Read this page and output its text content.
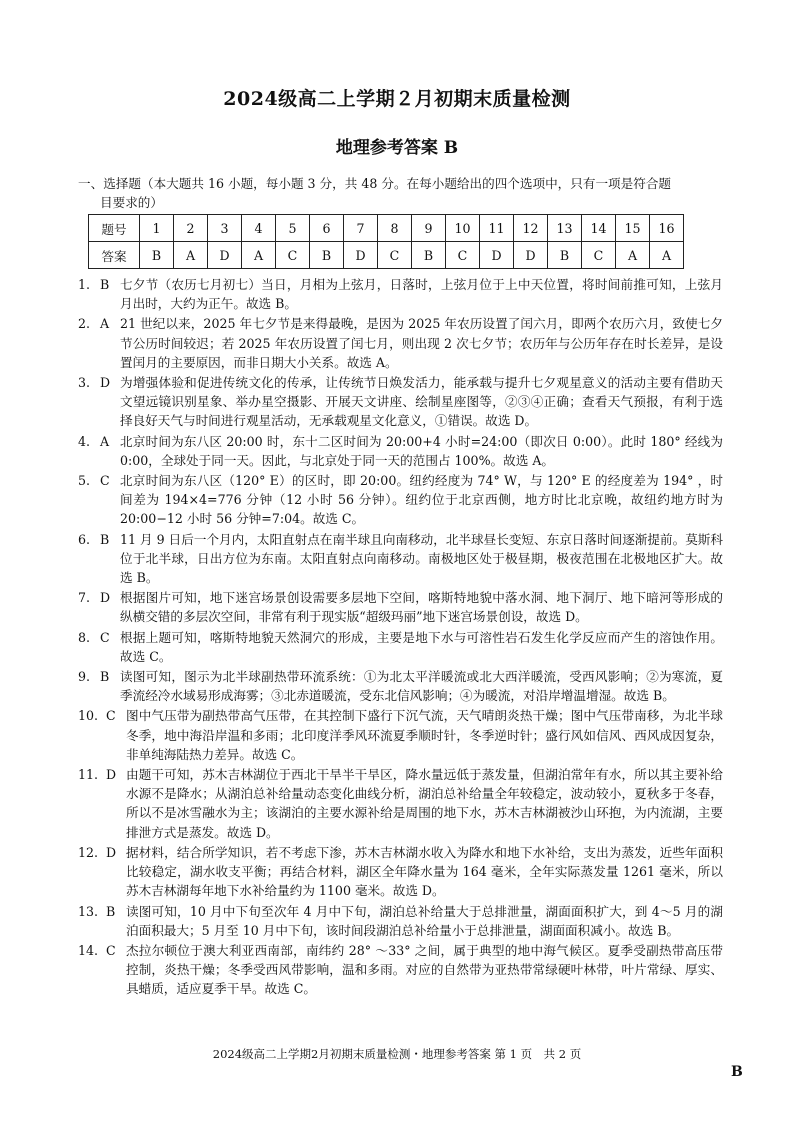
2024级高二上学期２月初期末质量检测
地理参考答案 B
一、选择题（本大题共 16 小题，每小题 3 分，共 48 分。在每小题给出的四个选项中，只有一项是符合题
目要求的）
题号	1	2	3	4	5	6	7	8	9	10	11	12	13	14	15	16
答案	B	A	D	A	C	B	D	C	B	C	D	D	B	C	A	A
1. B 七夕节（农历七月初七）当日，月相为上弦月，日落时，上弦月位于上中天位置，将时间前推可知，上弦月月出时，大约为正午。故选 B。
2. A 21 世纪以来，2025 年七夕节是来得最晚，是因为 2025 年农历设置了闰六月，即两个农历六月，致使七夕节公历时间较迟；若 2025 年农历设置了闰七月，则出现 2 次七夕节；农历年与公历年存在时长差异，是设置闰月的主要原因，而非日期大小关系。故选 A。
3. D 为增强体验和促进传统文化的传承，让传统节日焕发活力，能承载与提升七夕观星意义的活动主要有借助天文望远镜识别星象、举办星空摄影、开展天文讲座、绘制星座图等，②③④正确；查看天气预报，有利于选择良好天气与时间进行观星活动，无承载观星文化意义，①错误。故选 D。
4. A 北京时间为东八区 20:00 时，东十二区时间为 20:00+4 小时=24:00（即次日 0:00）。此时 180° 经线为 0:00，全球处于同一天。因此，与北京处于同一天的范围占 100%。故选 A。
5. C 北京时间为东八区（120° E）的区时，即 20:00。纽约经度为 74° W，与 120° E 的经度差为 194° ，时间差为 194×4=776 分钟（12 小时 56 分钟）。纽约位于北京西侧，地方时比北京晚，故纽约地方时为 20:00−12 小时 56 分钟=7:04。故选 C。
6. B 11 月 9 日后一个月内，太阳直射点在南半球且向南移动，北半球昼长变短、东京日落时间逐渐提前。莫斯科位于北半球，日出方位为东南。太阳直射点向南移动。南极地区处于极昼期，极夜范围在北极地区扩大。故选 B。
7. D 根据图片可知，地下迷宫场景创设需要多层地下空间，喀斯特地貌中落水洞、地下洞厅、地下暗河等形成的纵横交错的多层次空间，非常有利于现实版“超级玛丽”地下迷宫场景创设，故选 D。
8. C 根据上题可知，喀斯特地貌天然洞穴的形成，主要是地下水与可溶性岩石发生化学反应而产生的溶蚀作用。故选 C。
9. B 读图可知，图示为北半球副热带环流系统：①为北太平洋暖流或北大西洋暖流，受西风影响；②为寒流，夏季流经冷水域易形成海雾；③北赤道暖流，受东北信风影响；④为暖流，对沿岸增温增湿。故选 B。
10. C 图中气压带为副热带高气压带，在其控制下盛行下沉气流，天气晴朗炎热干燥；图中气压带南移，为北半球冬季，地中海沿岸温和多雨；北印度洋季风环流夏季顺时针，冬季逆时针；盛行风如信风、西风成因复杂，非单纯海陆热力差异。故选 C。
11. D 由题干可知，苏木吉林湖位于西北干旱半干旱区，降水量远低于蒸发量，但湖泊常年有水，所以其主要补给水源不是降水；从湖泊总补给量动态变化曲线分析，湖泊总补给量全年较稳定，波动较小，夏秋多于冬春，所以不是冰雪融水为主；该湖泊的主要水源补给是周围的地下水，苏木吉林湖被沙山环抱，为内流湖，主要排泄方式是蒸发。故选 D。
12. D 据材料，结合所学知识，若不考虑下渗，苏木吉林湖水收入为降水和地下水补给，支出为蒸发，近些年面积比较稳定，湖水收支平衡；再结合材料，湖区全年降水量为 164 毫米，全年实际蒸发量 1261 毫米，所以苏木吉林湖每年地下水补给量约为 1100 毫米。故选 D。
13. B 读图可知，10 月中下旬至次年 4 月中下旬，湖泊总补给量大于总排泄量，湖面面积扩大，到 4～5 月的湖泊面积最大；5 月至 10 月中下旬，该时间段湖泊总补给量小于总排泄量，湖面面积减小。故选 B。
14. C 杰拉尔顿位于澳大利亚西南部，南纬约 28° ～33° 之间，属于典型的地中海气候区。夏季受副热带高压带控制，炎热干燥；冬季受西风带影响，温和多雨。对应的自然带为亚热带常绿硬叶林带，叶片常绿、厚实、具蜡质，适应夏季干旱。故选 C。
2024级高二上学期2月初期末质量检测・地理参考答案 第 1 页　共 2 页
B
